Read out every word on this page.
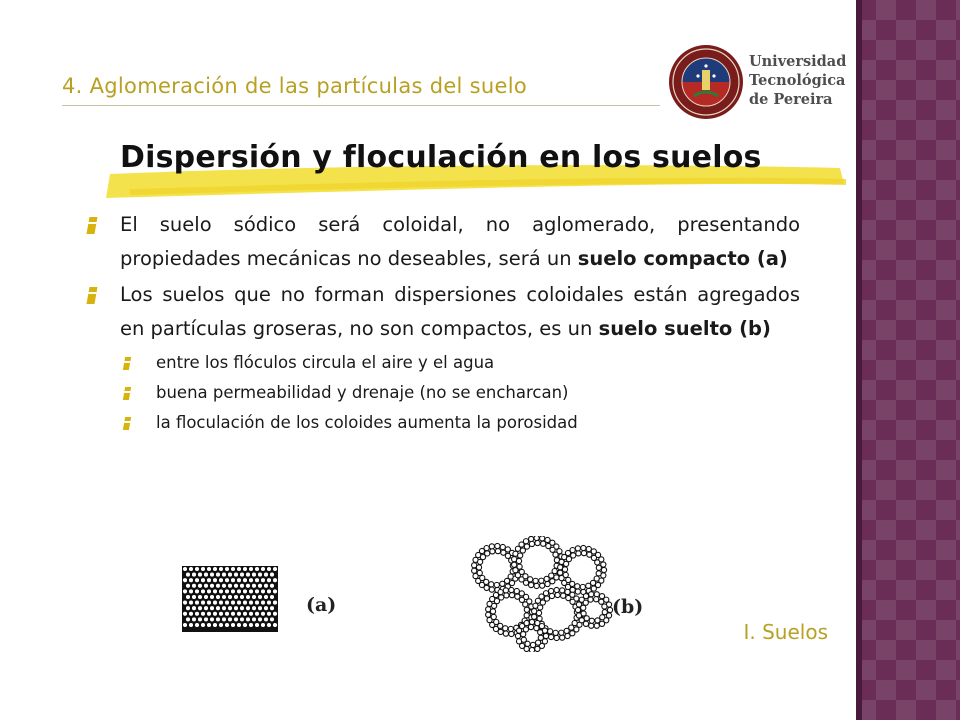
4. Aglomeración de las partículas del suelo
Universidad
Tecnológica
de Pereira
Dispersión y floculación en los suelos
El suelo sódico será coloidal, no aglomerado, presentando propiedades mecánicas no deseables, será un suelo compacto (a)
Los suelos que no forman dispersiones coloidales están agregados en partículas groseras, no son compactos, es un suelo suelto (b)
entre los flóculos circula el aire y el agua
buena permeabilidad y drenaje (no se encharcan)
la floculación de los coloides aumenta la porosidad
(a)	(b)

I. Suelos
